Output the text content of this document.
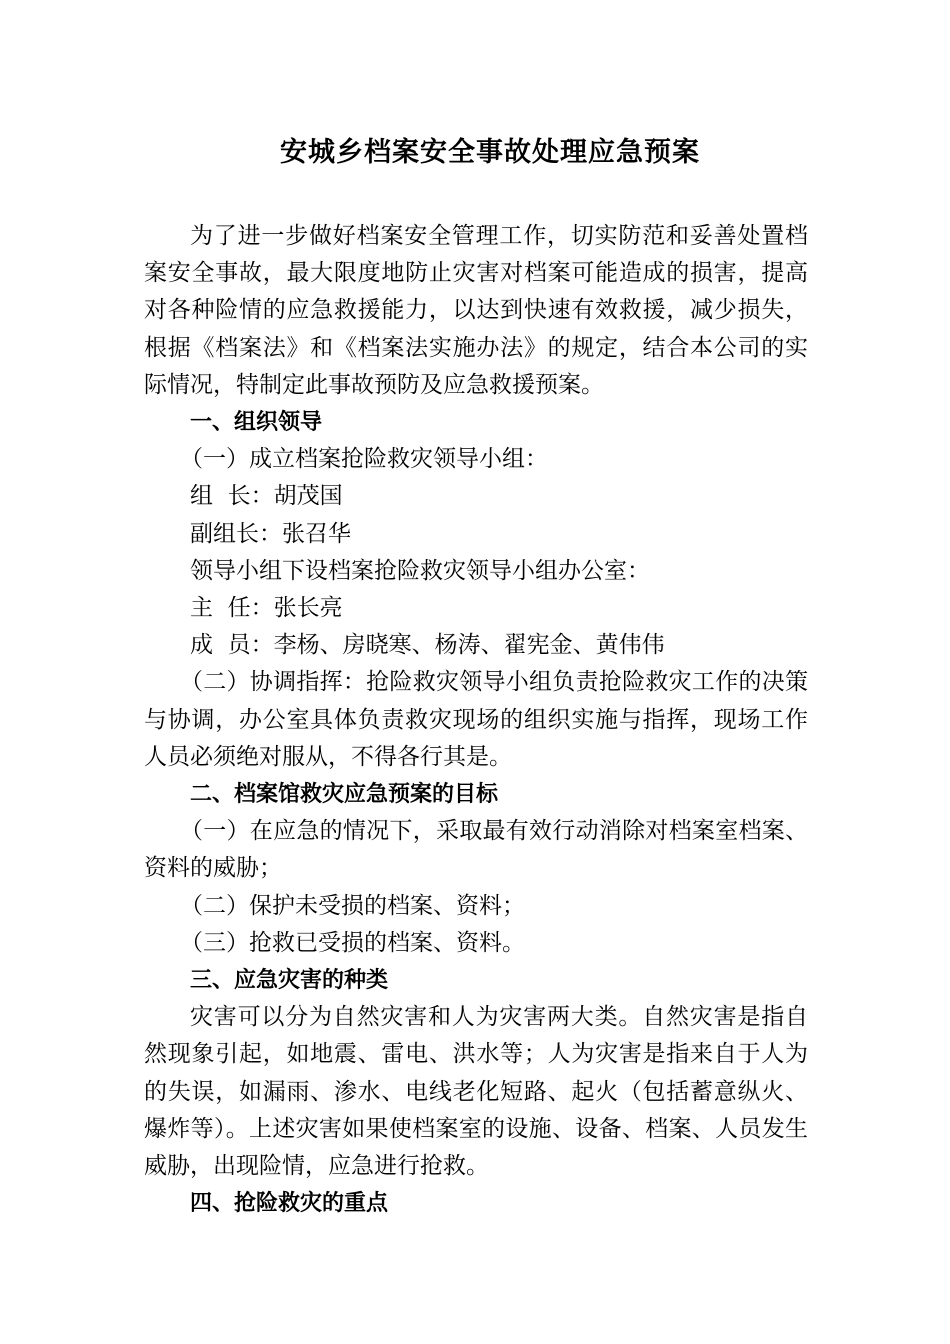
安城乡档案安全事故处理应急预案

为了进一步做好档案安全管理工作，切实防范和妥善处置档案安全事故，最大限度地防止灾害对档案可能造成的损害，提高对各种险情的应急救援能力，以达到快速有效救援，减少损失，根据《档案法》和《档案法实施办法》的规定，结合本公司的实际情况，特制定此事故预防及应急救援预案。

一、组织领导

（一）成立档案抢险救灾领导小组：

组  长：胡茂国

副组长：张召华

领导小组下设档案抢险救灾领导小组办公室：

主  任：张长亮

成  员：李杨、房晓寒、杨涛、翟宪金、黄伟伟

（二）协调指挥：抢险救灾领导小组负责抢险救灾工作的决策与协调，办公室具体负责救灾现场的组织实施与指挥，现场工作人员必须绝对服从，不得各行其是。

二、档案馆救灾应急预案的目标

（一）在应急的情况下，采取最有效行动消除对档案室档案、资料的威胁；

（二）保护未受损的档案、资料；

（三）抢救已受损的档案、资料。

三、应急灾害的种类

灾害可以分为自然灾害和人为灾害两大类。自然灾害是指自然现象引起，如地震、雷电、洪水等；人为灾害是指来自于人为的失误，如漏雨、渗水、电线老化短路、起火（包括蓄意纵火、爆炸等）。上述灾害如果使档案室的设施、设备、档案、人员发生威胁，出现险情，应急进行抢救。

四、抢险救灾的重点
